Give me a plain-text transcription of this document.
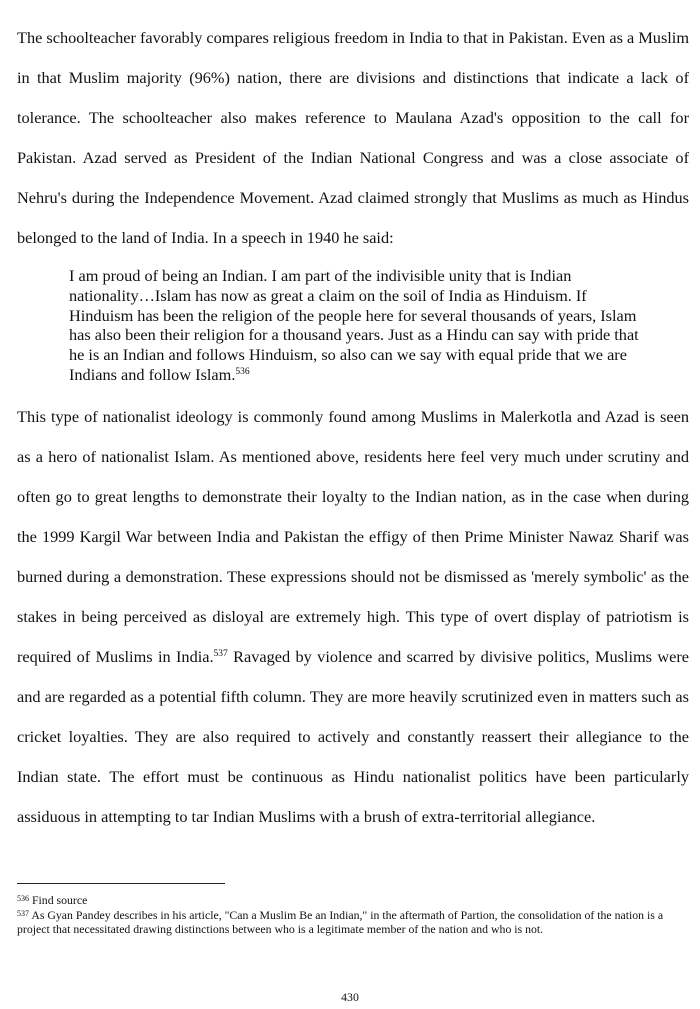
The schoolteacher favorably compares religious freedom in India to that in Pakistan. Even as a Muslim in that Muslim majority (96%) nation, there are divisions and distinctions that indicate a lack of tolerance. The schoolteacher also makes reference to Maulana Azad's opposition to the call for Pakistan. Azad served as President of the Indian National Congress and was a close associate of Nehru's during the Independence Movement. Azad claimed strongly that Muslims as much as Hindus belonged to the land of India. In a speech in 1940 he said:

I am proud of being an Indian. I am part of the indivisible unity that is Indian nationality…Islam has now as great a claim on the soil of India as Hinduism. If Hinduism has been the religion of the people here for several thousands of years, Islam has also been their religion for a thousand years. Just as a Hindu can say with pride that he is an Indian and follows Hinduism, so also can we say with equal pride that we are Indians and follow Islam.$^{536}$

This type of nationalist ideology is commonly found among Muslims in Malerkotla and Azad is seen as a hero of nationalist Islam. As mentioned above, residents here feel very much under scrutiny and often go to great lengths to demonstrate their loyalty to the Indian nation, as in the case when during the 1999 Kargil War between India and Pakistan the effigy of then Prime Minister Nawaz Sharif was burned during a demonstration. These expressions should not be dismissed as 'merely symbolic' as the stakes in being perceived as disloyal are extremely high. This type of overt display of patriotism is required of Muslims in India.$^{537}$ Ravaged by violence and scarred by divisive politics, Muslims were and are regarded as a potential fifth column. They are more heavily scrutinized even in matters such as cricket loyalties. They are also required to actively and constantly reassert their allegiance to the Indian state. The effort must be continuous as Hindu nationalist politics have been particularly assiduous in attempting to tar Indian Muslims with a brush of extra-territorial allegiance.

$^{536}$ Find source

$^{537}$ As Gyan Pandey describes in his article, "Can a Muslim Be an Indian," in the aftermath of Partion, the consolidation of the nation is a project that necessitated drawing distinctions between who is a legitimate member of the nation and who is not.

430
